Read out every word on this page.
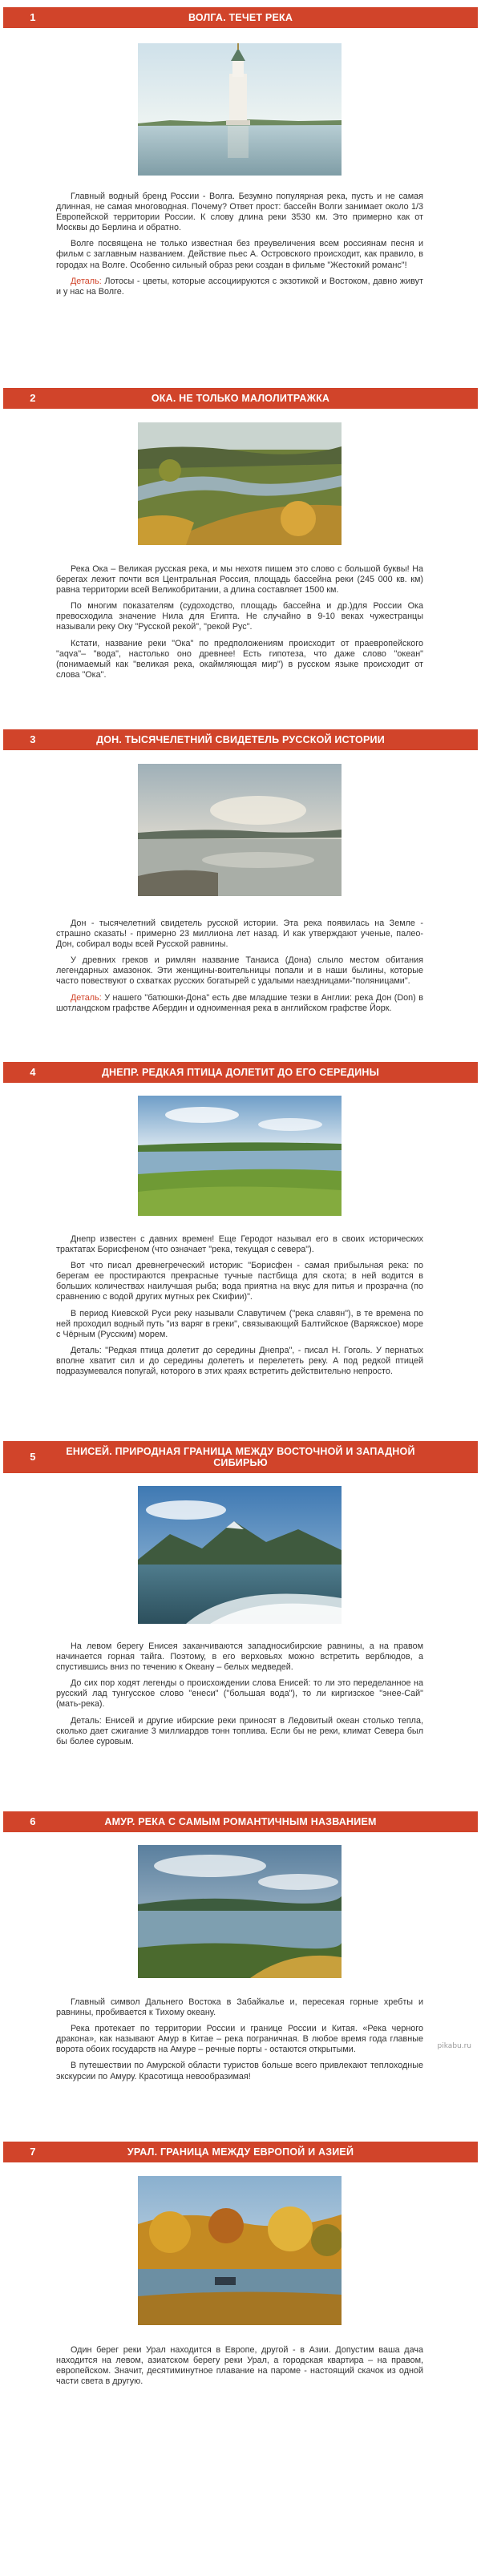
1	ВОЛГА. ТЕЧЕТ РЕКА

Главный водный бренд России - Волга. Безумно популярная река, пусть и не самая длинная, не самая многоводная. Почему? Ответ прост: бассейн Волги занимает около 1/3 Европейской территории России. К слову длина реки 3530 км. Это примерно как от Москвы до Берлина и обратно.

Волге посвящена не только известная без преувеличения всем россиянам песня и фильм с заглавным названием. Действие пьес А. Островского происходит, как правило, в городах на Волге. Особенно сильный образ реки создан в фильме "Жестокий романс"!

Деталь: Лотосы - цветы, которые ассоциируются с экзотикой и Востоком, давно живут и у нас на Волге.

2	ОКА. НЕ ТОЛЬКО МАЛОЛИТРАЖКА

Река Ока – Великая русская река, и мы нехотя пишем это слово с большой буквы! На берегах лежит почти вся Центральная Россия, площадь бассейна реки (245 000 кв. км) равна территории всей Великобритании, а длина составляет 1500 км.

По многим показателям (судоходство, площадь бассейна и др.)для России Ока превосходила значение Нила для Египта. Не случайно в 9-10 веках чужестранцы называли реку Оку "Русской рекой", "рекой Рус".

Кстати, название реки "Ока" по предположениям происходит от праевропейского "aqva"– "вода", настолько оно древнее! Есть гипотеза, что даже слово "океан" (понимаемый как "великая река, окаймляющая мир") в русском языке происходит от слова "Ока".

3	ДОН. ТЫСЯЧЕЛЕТНИЙ СВИДЕТЕЛЬ РУССКОЙ ИСТОРИИ

Дон - тысячелетний свидетель русской истории. Эта река появилась на Земле - страшно сказать! - примерно 23 миллиона лет назад. И как утверждают ученые, палео-Дон, собирал воды всей Русской равнины.

У древних греков и римлян название Танаиса (Дона) слыло местом обитания легендарных амазонок. Эти женщины-воительницы попали и в наши былины, которые часто повествуют о схватках русских богатырей с удалыми наездницами-"поляницами".

Деталь: У нашего "батюшки-Дона" есть две младшие тезки в Англии: река Дон (Don) в шотландском графстве Абердин и одноименная река в английском графстве Йорк.

4	ДНЕПР. РЕДКАЯ ПТИЦА ДОЛЕТИТ ДО ЕГО СЕРЕДИНЫ

Днепр известен с давних времен! Еще Геродот называл его в своих исторических трактатах Борисфеном (что означает "река, текущая с севера").

Вот что писал древнегреческий историк: "Борисфен - самая прибыльная река: по берегам ее простираются прекрасные тучные пастбища для скота; в ней водится в больших количествах наилучшая рыба; вода приятна на вкус для питья и прозрачна (по сравнению с водой других мутных рек Скифии)".

В период Киевской Руси реку называли Славутичем ("река славян"), в те времена по ней проходил водный путь "из варяг в греки", связывающий Балтийское (Варяжское) море с Чёрным (Русским) морем.

Деталь: "Редкая птица долетит до середины Днепра", - писал Н. Гоголь. У пернатых вполне хватит сил и до середины долететь и перелететь реку. А под редкой птицей подразумевался попугай, которого в этих краях встретить действительно непросто.

5	ЕНИСЕЙ. ПРИРОДНАЯ ГРАНИЦА МЕЖДУ ВОСТОЧНОЙ И ЗАПАДНОЙ СИБИРЬЮ

На левом берегу Енисея заканчиваются западносибирские равнины, а на правом начинается горная тайга. Поэтому, в его верховьях можно встретить верблюдов, а спустившись вниз по течению к Океану – белых медведей.

До сих пор ходят легенды о происхождении слова Енисей: то ли это переделанное на русский лад тунгусское слово "енеси" ("большая вода"), то ли киргизское "энее-Сай" (мать-река).

Деталь: Енисей и другие ибирские реки приносят в Ледовитый океан столько тепла, сколько дает сжигание 3 миллиардов тонн топлива. Если бы не реки, климат Севера был бы более суровым.

6	АМУР. РЕКА С САМЫМ РОМАНТИЧНЫМ НАЗВАНИЕМ

Главный символ Дальнего Востока в Забайкалье и, пересекая горные хребты и равнины, пробивается к Тихому океану.

Река протекает по территории России и границе России и Китая. «Река черного дракона», как называют Амур в Китае – река пограничная. В любое время года главные ворота обоих государств на Амуре – речные порты - остаются открытыми.

В путешествии по Амурской области туристов больше всего привлекают теплоходные экскурсии по Амуру. Красотища невообразимая!

7	УРАЛ. ГРАНИЦА МЕЖДУ ЕВРОПОЙ И АЗИЕЙ

Один берег реки Урал находится в Европе, другой - в Азии. Допустим ваша дача находится на левом, азиатском берегу реки Урал, а городская квартира – на правом, европейском. Значит, десятиминутное плавание на пароме - настоящий скачок из одной части света в другую.

pikabu.ru
